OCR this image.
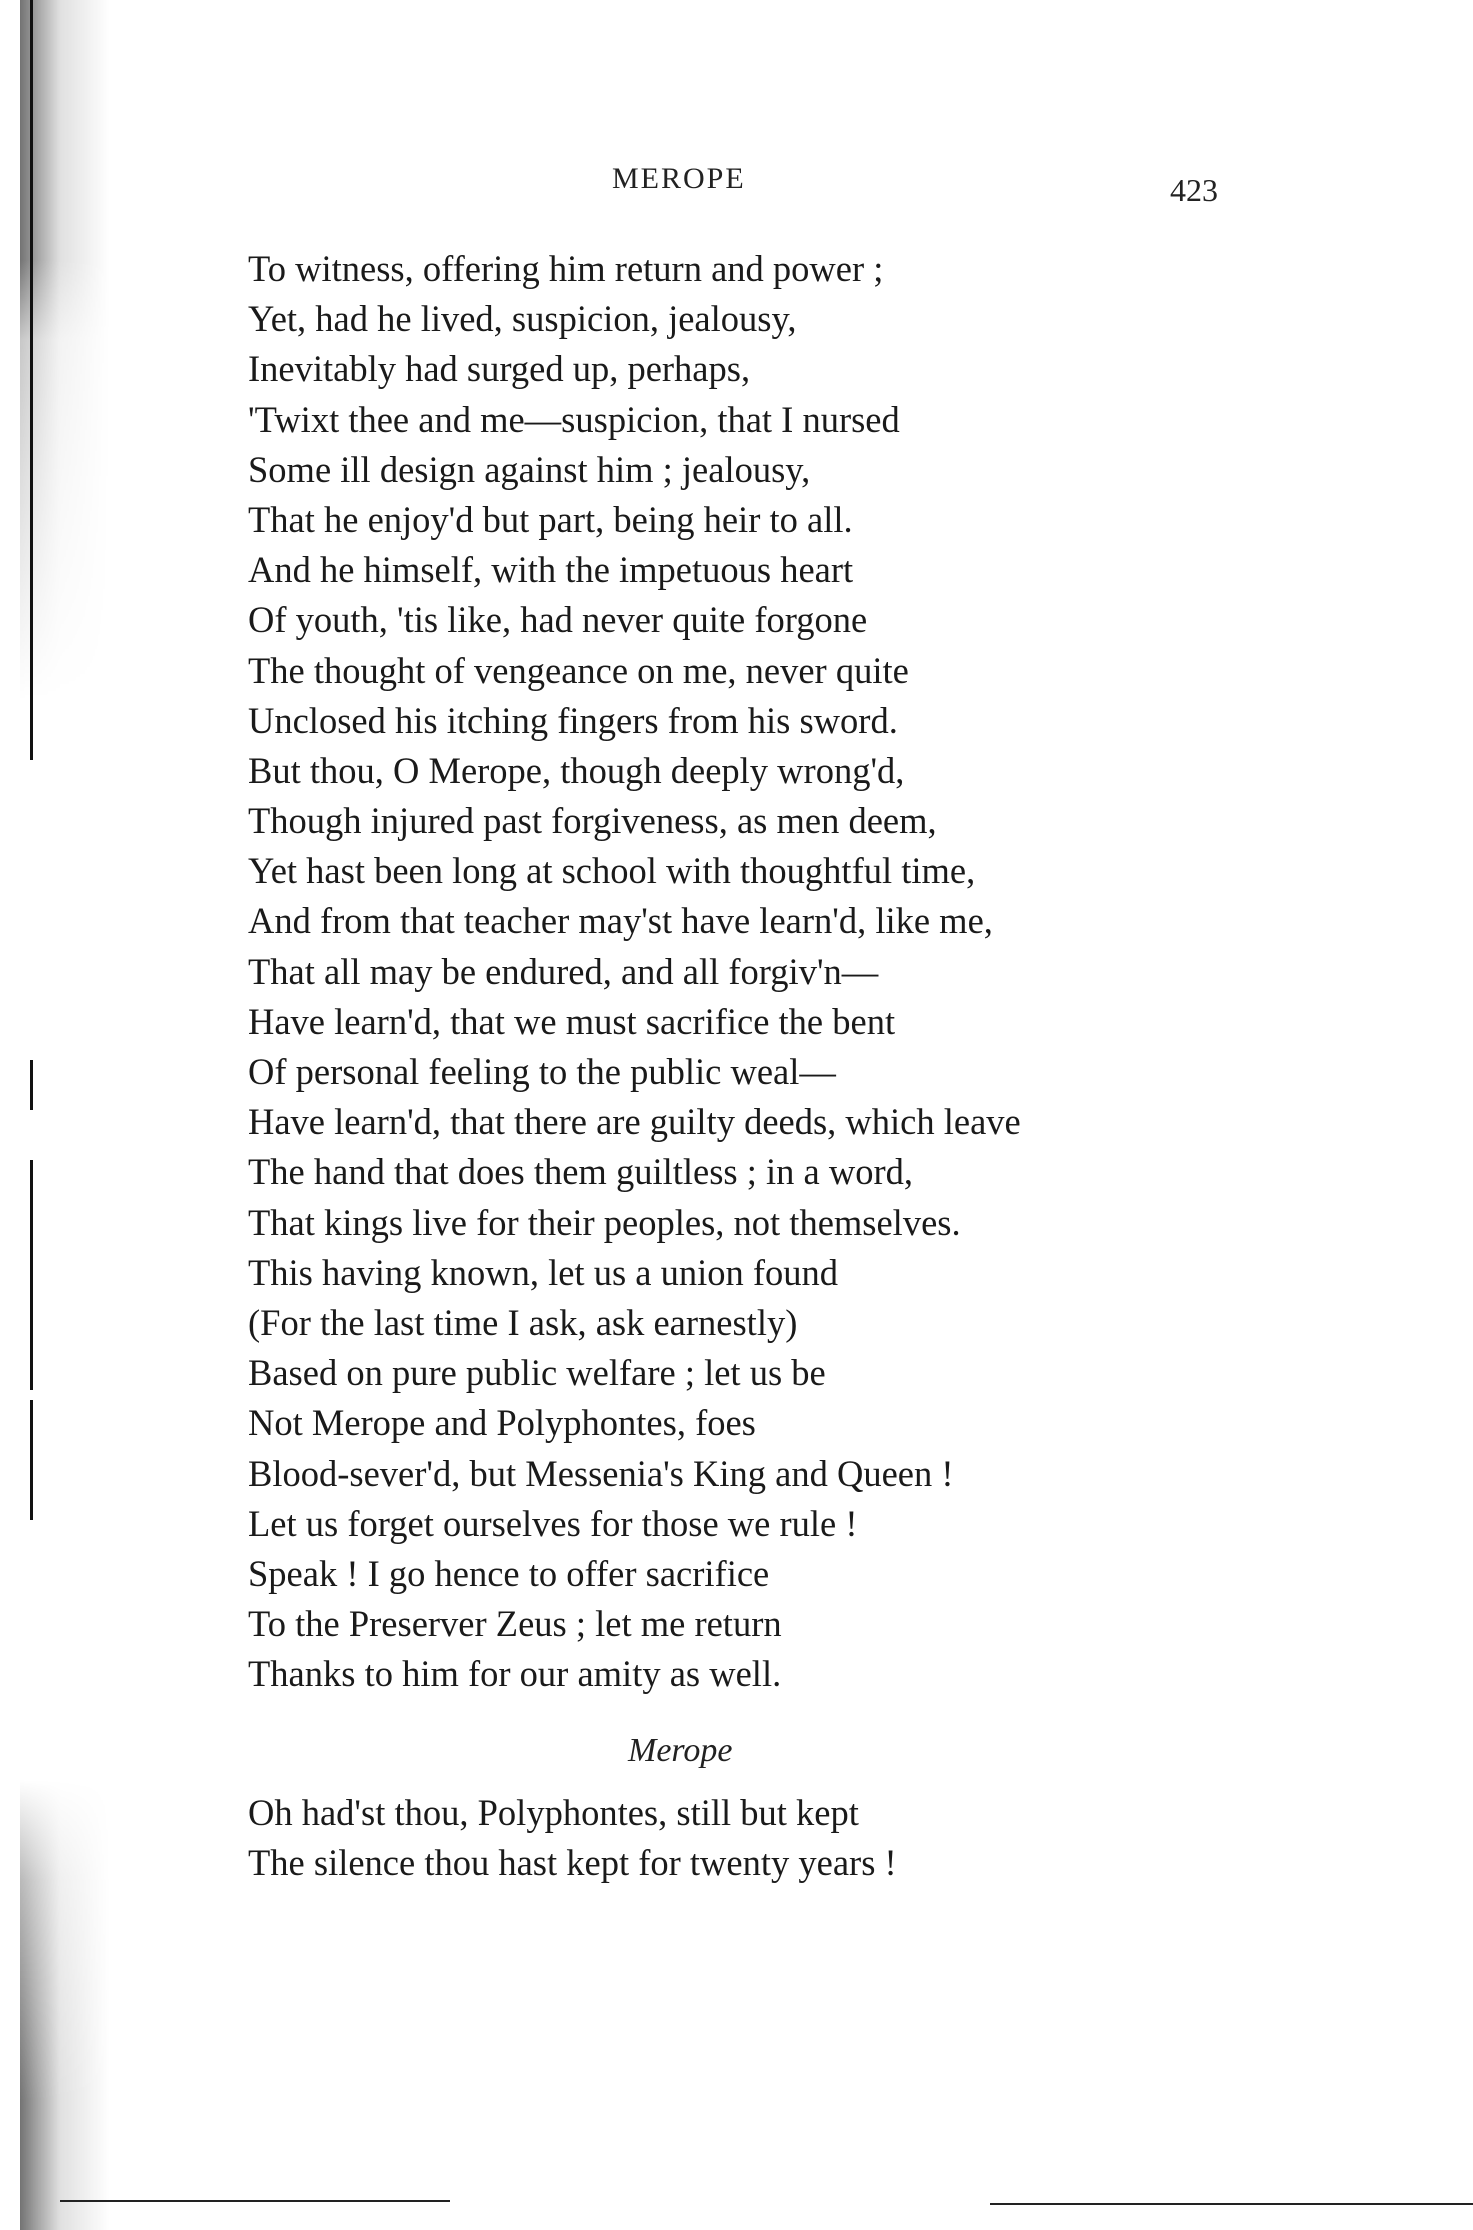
MEROPE	423
To witness, offering him return and power ;
Yet, had he lived, suspicion, jealousy,
Inevitably had surged up, perhaps,
'Twixt thee and me—suspicion, that I nursed
Some ill design against him ; jealousy,
That he enjoy'd but part, being heir to all.
And he himself, with the impetuous heart
Of youth, 'tis like, had never quite forgone
The thought of vengeance on me, never quite
Unclosed his itching fingers from his sword.
But thou, O Merope, though deeply wrong'd,
Though injured past forgiveness, as men deem,
Yet hast been long at school with thoughtful time,
And from that teacher may'st have learn'd, like me,
That all may be endured, and all forgiv'n—
Have learn'd, that we must sacrifice the bent
Of personal feeling to the public weal—
Have learn'd, that there are guilty deeds, which leave
The hand that does them guiltless ; in a word,
That kings live for their peoples, not themselves.
This having known, let us a union found
(For the last time I ask, ask earnestly)
Based on pure public welfare ; let us be
Not Merope and Polyphontes, foes
Blood-sever'd, but Messenia's King and Queen !
Let us forget ourselves for those we rule !
Speak ! I go hence to offer sacrifice
To the Preserver Zeus ; let me return
Thanks to him for our amity as well.
Merope
Oh had'st thou, Polyphontes, still but kept
The silence thou hast kept for twenty years !
